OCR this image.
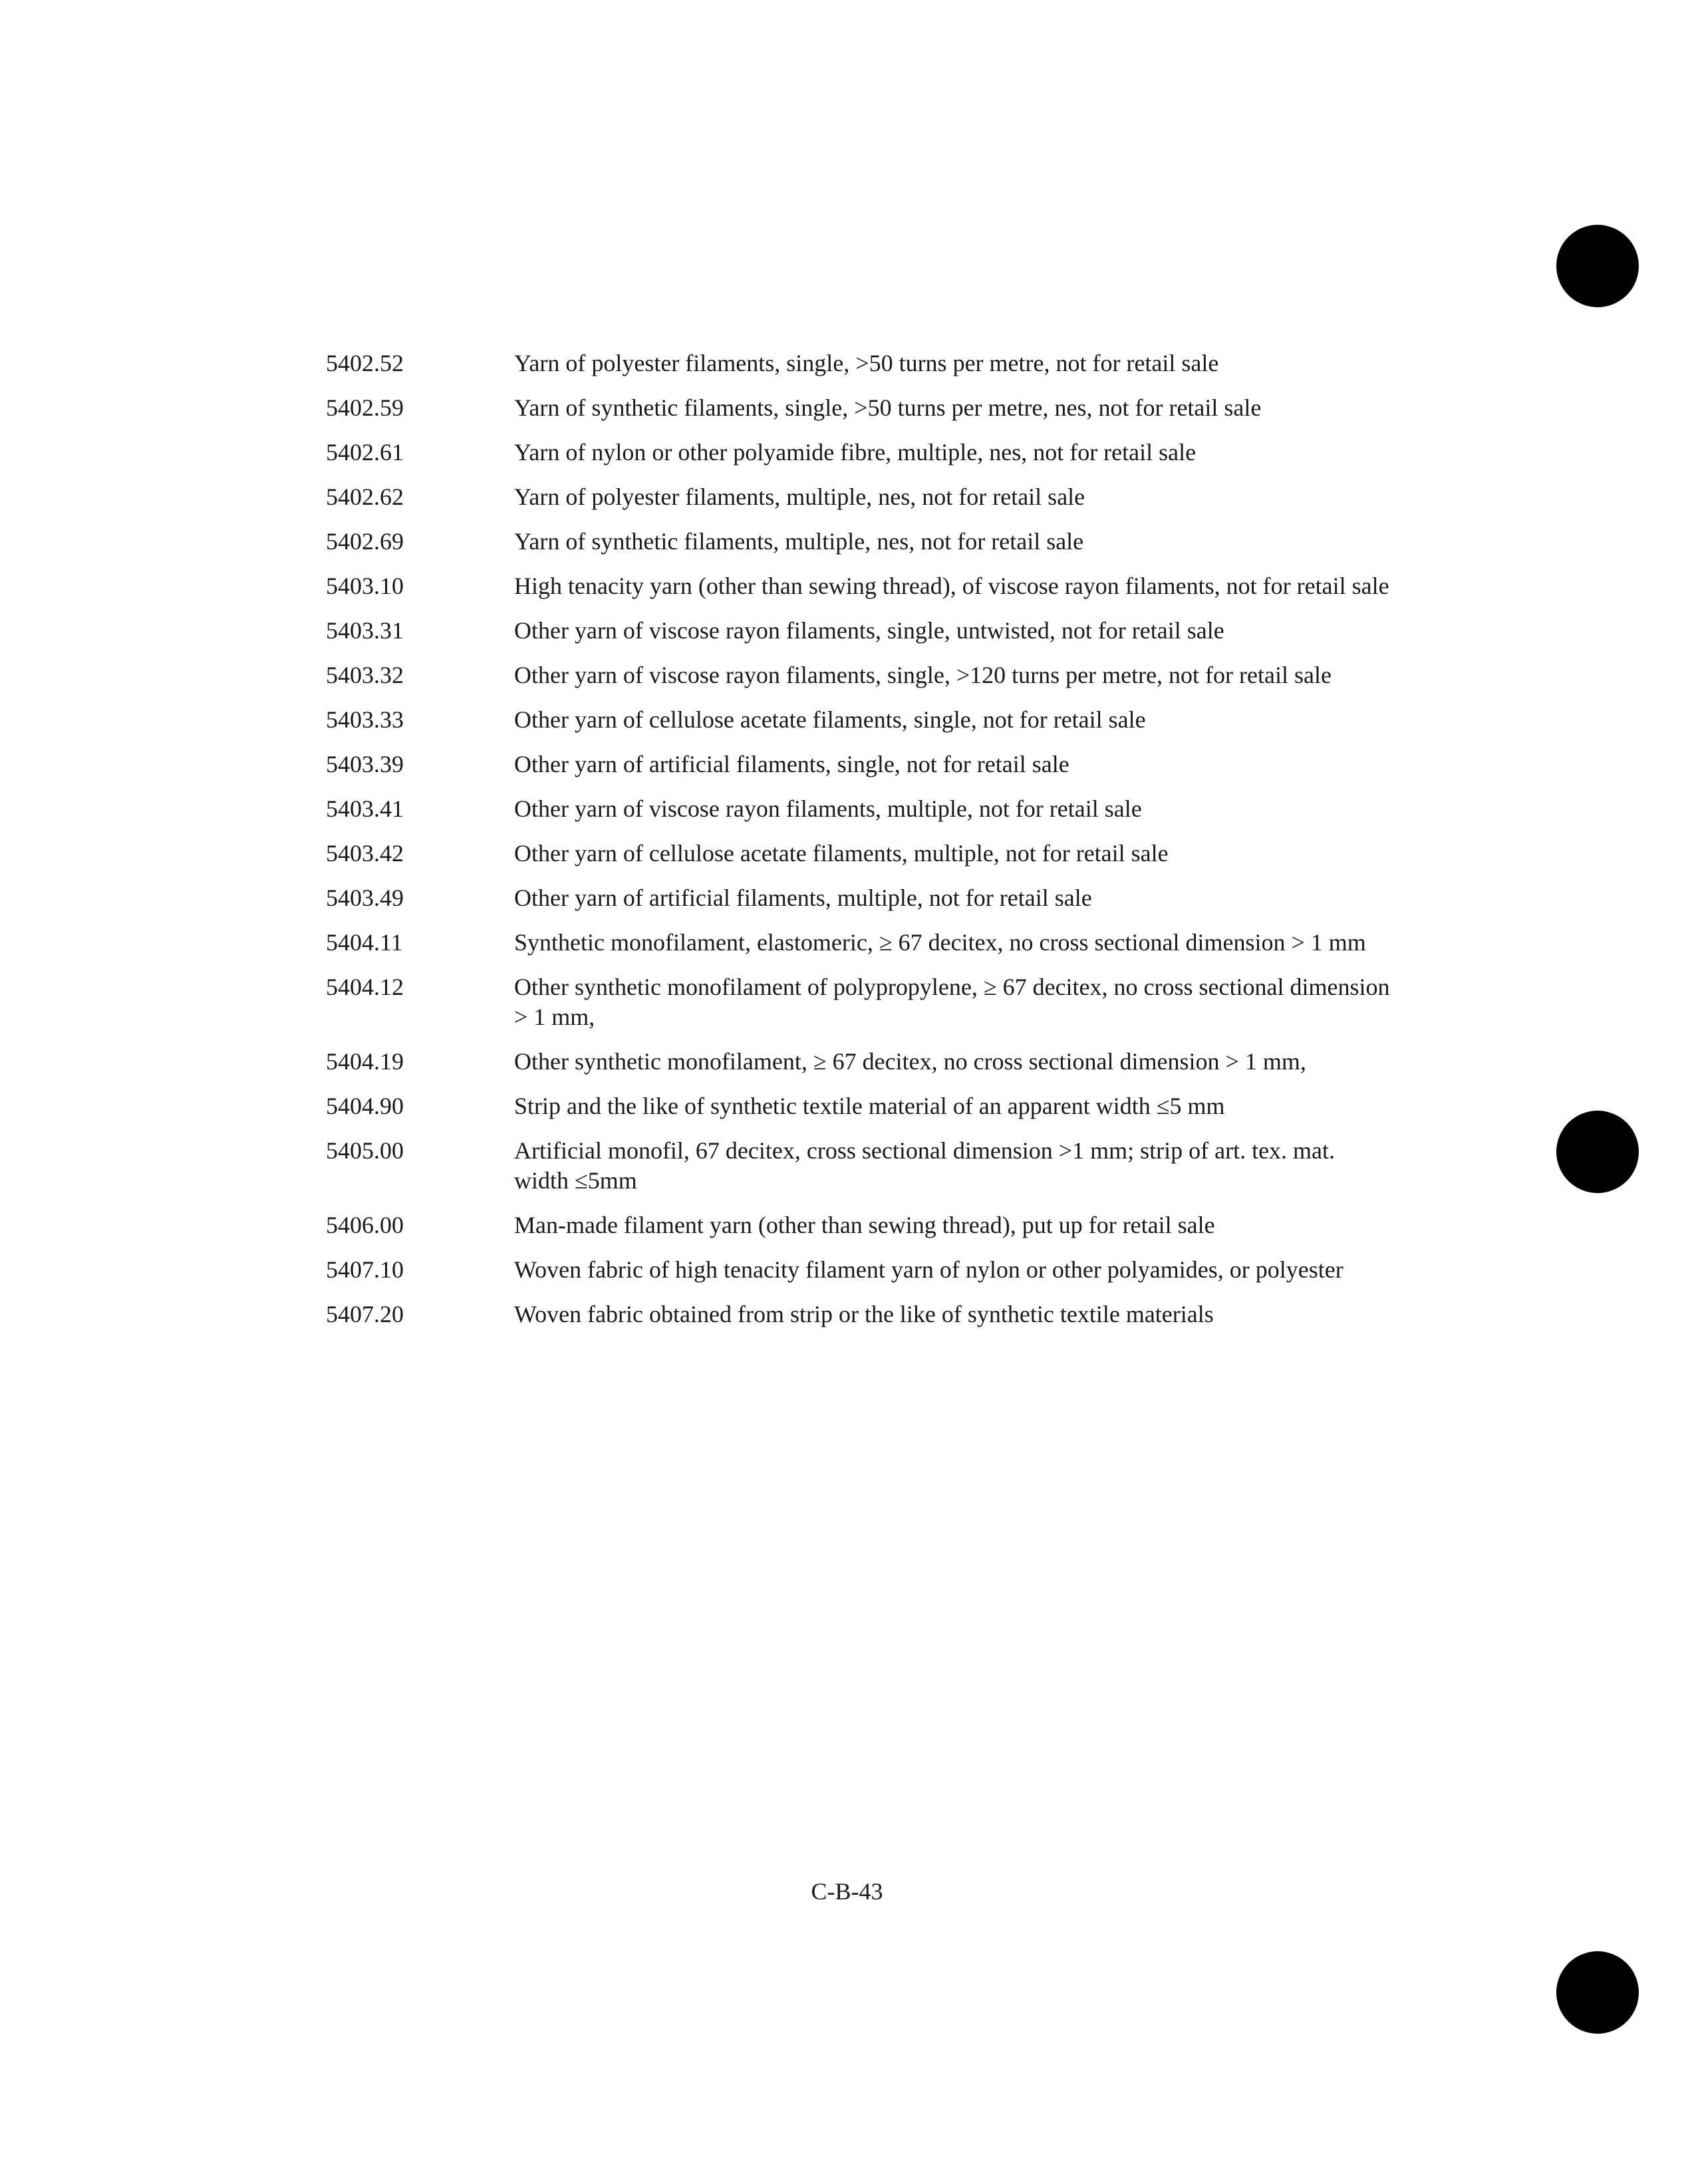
5402.52	Yarn of polyester filaments, single, >50 turns per metre, not for retail sale
5402.59	Yarn of synthetic filaments, single, >50 turns per metre, nes, not for retail sale
5402.61	Yarn of nylon or other polyamide fibre, multiple, nes, not for retail sale
5402.62	Yarn of polyester filaments, multiple, nes, not for retail sale
5402.69	Yarn of synthetic filaments, multiple, nes, not for retail sale
5403.10	High tenacity yarn (other than sewing thread), of viscose rayon filaments, not for retail sale
5403.31	Other yarn of viscose rayon filaments, single, untwisted, not for retail sale
5403.32	Other yarn of viscose rayon filaments, single, >120 turns per metre, not for retail sale
5403.33	Other yarn of cellulose acetate filaments, single, not for retail sale
5403.39	Other yarn of artificial filaments, single, not for retail sale
5403.41	Other yarn of viscose rayon filaments, multiple, not for retail sale
5403.42	Other yarn of cellulose acetate filaments, multiple, not for retail sale
5403.49	Other yarn of artificial filaments, multiple, not for retail sale
5404.11	Synthetic monofilament, elastomeric, ≥ 67 decitex, no cross sectional dimension > 1 mm
5404.12	Other synthetic monofilament of polypropylene, ≥ 67 decitex, no cross sectional dimension > 1 mm,
5404.19	Other synthetic monofilament, ≥ 67 decitex, no cross sectional dimension > 1 mm,
5404.90	Strip and the like of synthetic textile material of an apparent width ≤5 mm
5405.00	Artificial monofil, 67 decitex, cross sectional dimension >1 mm; strip of art. tex. mat. width ≤5mm
5406.00	Man-made filament yarn (other than sewing thread), put up for retail sale
5407.10	Woven fabric of high tenacity filament yarn of nylon or other polyamides, or polyester
5407.20	Woven fabric obtained from strip or the like of synthetic textile materials
C-B-43
